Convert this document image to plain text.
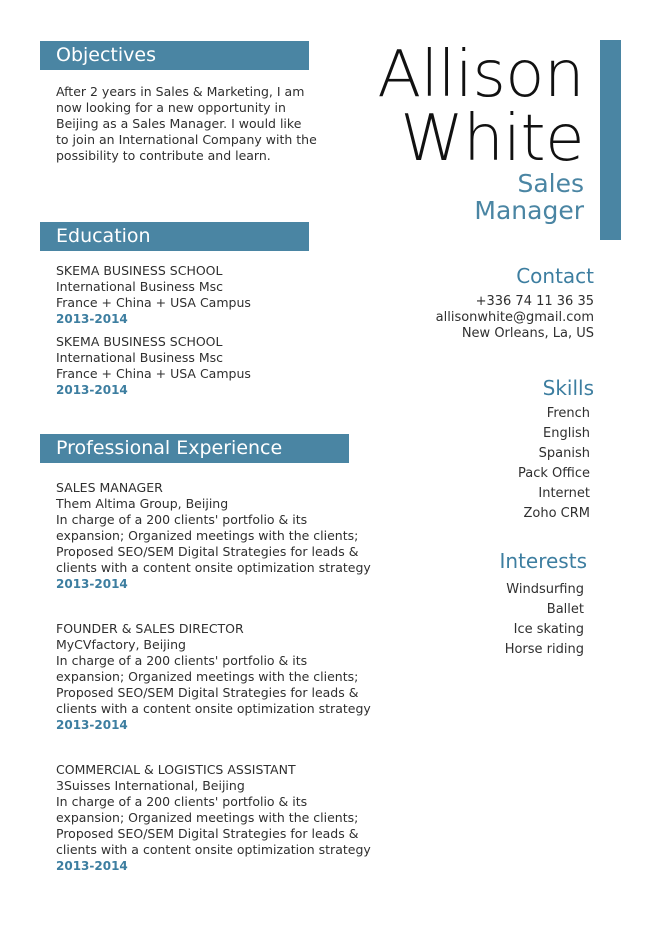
Objectives
After 2 years in Sales & Marketing, I am
now looking for a new opportunity in
Beijing as a Sales Manager. I would like
to join an International Company with the
possibility to contribute and learn.
Education
SKEMA BUSINESS SCHOOL
International Business Msc
France + China + USA Campus
2013-2014
SKEMA BUSINESS SCHOOL
International Business Msc
France + China + USA Campus
2013-2014
Professional Experience
SALES MANAGER
Them Altima Group, Beijing
In charge of a 200 clients' portfolio & its
expansion; Organized meetings with the clients;
Proposed SEO/SEM Digital Strategies for leads &
clients with a content onsite optimization strategy
2013-2014
FOUNDER & SALES DIRECTOR
MyCVfactory, Beijing
In charge of a 200 clients' portfolio & its
expansion; Organized meetings with the clients;
Proposed SEO/SEM Digital Strategies for leads &
clients with a content onsite optimization strategy
2013-2014
COMMERCIAL & LOGISTICS ASSISTANT
3Suisses International, Beijing
In charge of a 200 clients' portfolio & its
expansion; Organized meetings with the clients;
Proposed SEO/SEM Digital Strategies for leads &
clients with a content onsite optimization strategy
2013-2014
Allison
White
Sales
Manager
Contact
+336 74 11 36 35
allisonwhite@gmail.com
New Orleans, La, US
Skills
French
English
Spanish
Pack Office
Internet
Zoho CRM
Interests
Windsurfing
Ballet
Ice skating
Horse riding
